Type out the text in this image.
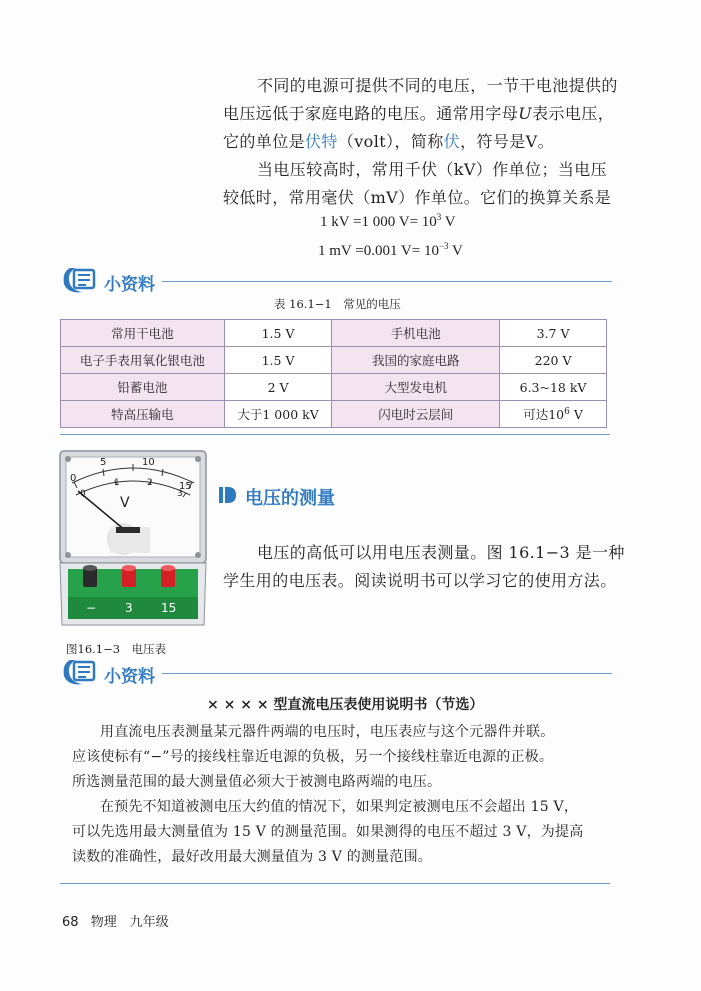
不同的电源可提供不同的电压，一节干电池提供的
电压远低于家庭电路的电压。通常用字母U表示电压，
它的单位是伏特（volt），简称伏，符号是V。
当电压较高时，常用千伏（kV）作单位；当电压
较低时，常用毫伏（mV）作单位。它们的换算关系是
1 kV =1 000 $V= 10^3$ V
1 mV =0.001 $V= 10^{-3}$ V
小资料
表 16.1−1　常见的电压
常用干电池	1.5 V	手机电池	3.7 V
电子手表用氧化银电池	1.5 V	我国的家庭电路	220 V
铅蓄电池	2 V	大型发电机	6.3~18 kV
特高压输电	大于1 000 kV	闪电时云层间	可达$10^6$ V
5	10
15
0
0
1	2
3
V
− 3 15
图16.1−3　电压表
电压的测量
电压的高低可以用电压表测量。图 16.1−3 是一种
学生用的电压表。阅读说明书可以学习它的使用方法。
小资料
× × × × 型直流电压表使用说明书（节选）
用直流电压表测量某元器件两端的电压时，电压表应与这个元器件并联。
应该使标有“−”号的接线柱靠近电源的负极，另一个接线柱靠近电源的正极。
所选测量范围的最大测量值必须大于被测电路两端的电压。
在预先不知道被测电压大约值的情况下，如果判定被测电压不会超出 15 V，
可以先选用最大测量值为 15 V 的测量范围。如果测得的电压不超过 3 V，为提高
读数的准确性，最好改用最大测量值为 3 V 的测量范围。
68 物理　九年级
